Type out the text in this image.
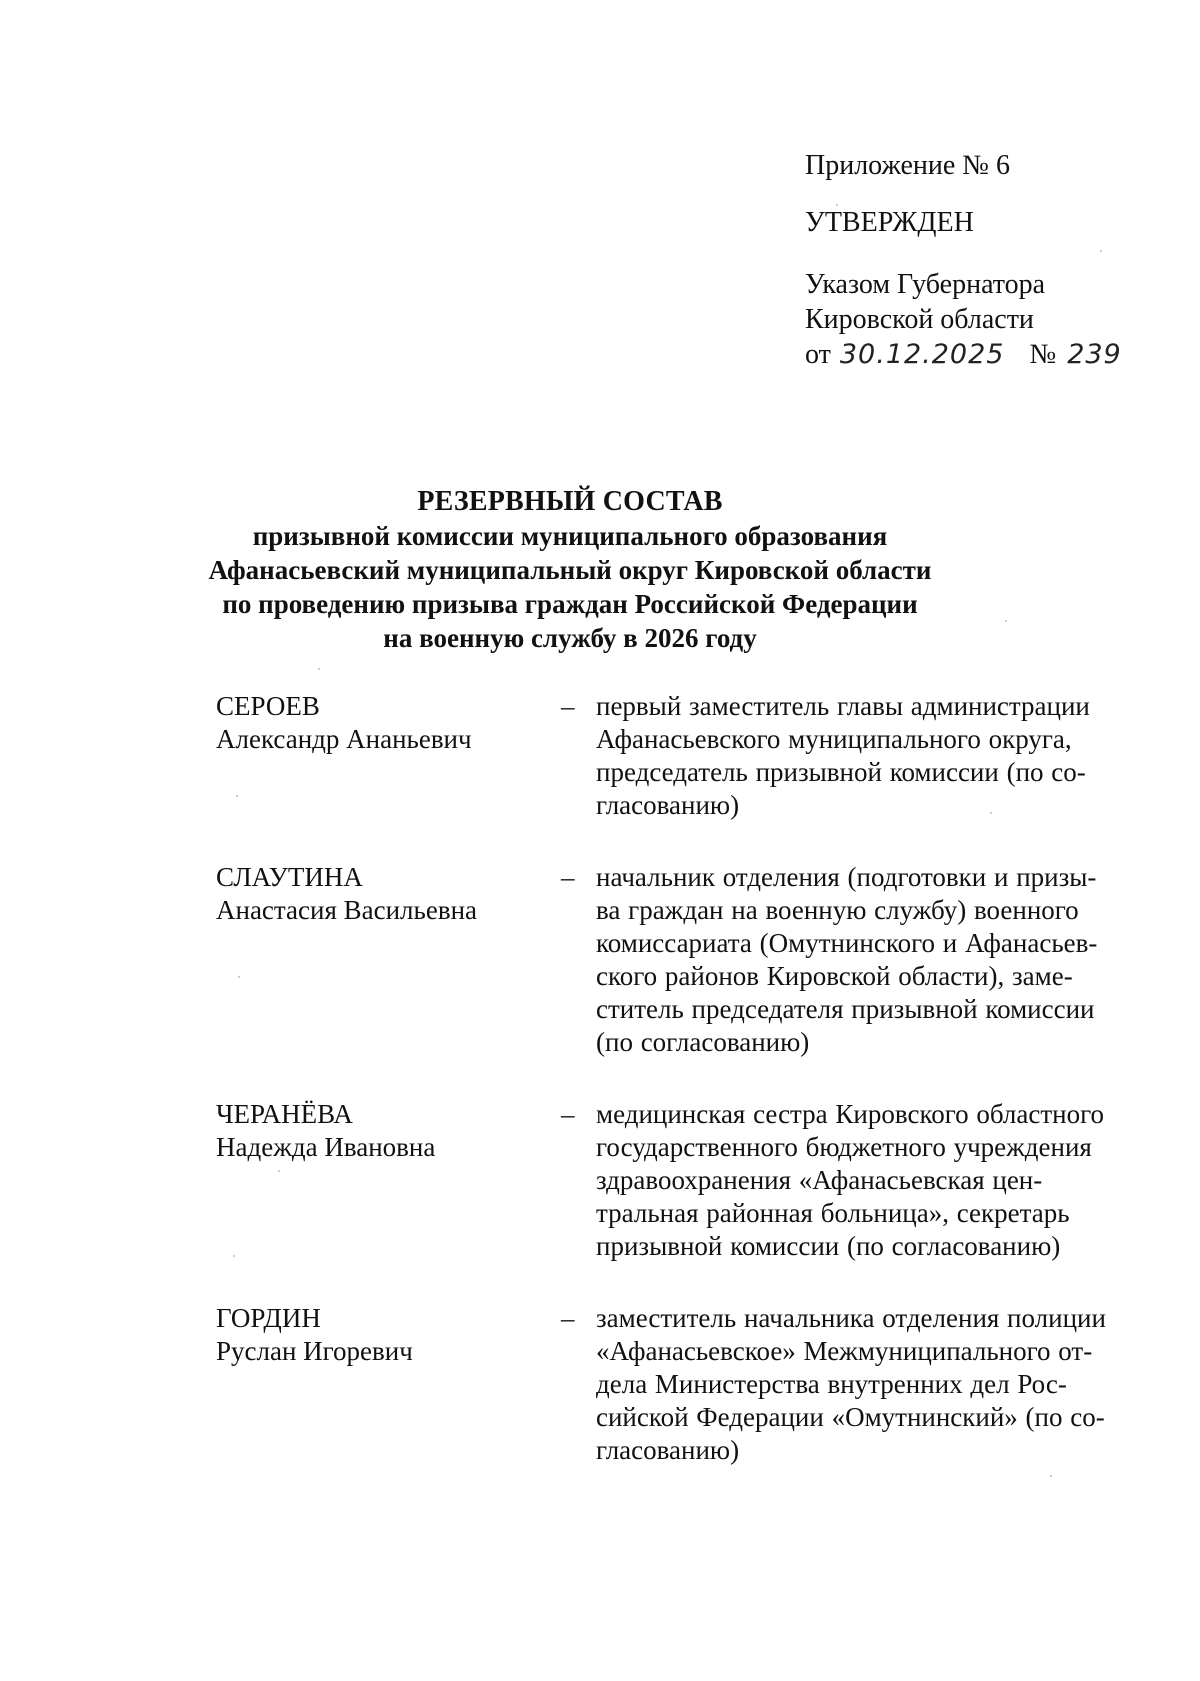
Приложение № 6
УТВЕРЖДЕН
Указом Губернатора
Кировской области
от 30.12.2025 № 239
РЕЗЕРВНЫЙ СОСТАВ
призывной комиссии муниципального образования
Афанасьевский муниципальный округ Кировской области
по проведению призыва граждан Российской Федерации
на военную службу в 2026 году
СЕРОЕВ
Александр Ананьевич
– первый заместитель главы администрации
Афанасьевского муниципального округа,
председатель призывной комиссии (по со-
гласованию)
СЛАУТИНА
Анастасия Васильевна
– начальник отделения (подготовки и призы-
ва граждан на военную службу) военного
комиссариата (Омутнинского и Афанасьев-
ского районов Кировской области), заме-
ститель председателя призывной комиссии
(по согласованию)
ЧЕРАНЁВА
Надежда Ивановна
– медицинская сестра Кировского областного
государственного бюджетного учреждения
здравоохранения «Афанасьевская цен-
тральная районная больница», секретарь
призывной комиссии (по согласованию)
ГОРДИН
Руслан Игоревич
– заместитель начальника отделения полиции
«Афанасьевское» Межмуниципального от-
дела Министерства внутренних дел Рос-
сийской Федерации «Омутнинский» (по со-
гласованию)
